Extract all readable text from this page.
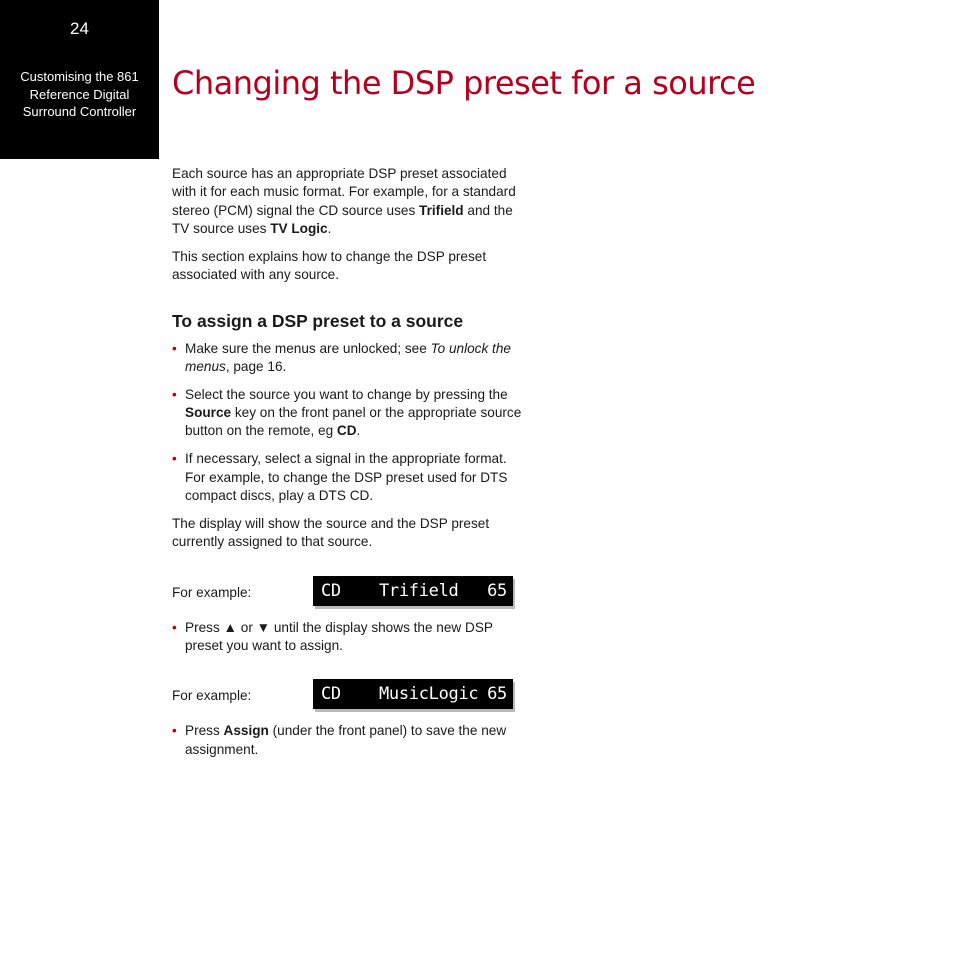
24
Customising the 861
Reference Digital
Surround Controller
Changing the DSP preset for a source

Each source has an appropriate DSP preset associated with it for each music format. For example, for a standard stereo (PCM) signal the CD source uses Trifield and the TV source uses TV Logic.

This section explains how to change the DSP preset associated with any source.

To assign a DSP preset to a source
• Make sure the menus are unlocked; see To unlock the menus, page 16.
• Select the source you want to change by pressing the Source key on the front panel or the appropriate source button on the remote, eg CD.
• If necessary, select a signal in the appropriate format. For example, to change the DSP preset used for DTS compact discs, play a DTS CD.

The display will show the source and the DSP preset currently assigned to that source.

For example:	CD Trifield 65
• Press ▲ or ▼ until the display shows the new DSP preset you want to assign.
For example:	CD MusicLogic 65
• Press Assign (under the front panel) to save the new assignment.
